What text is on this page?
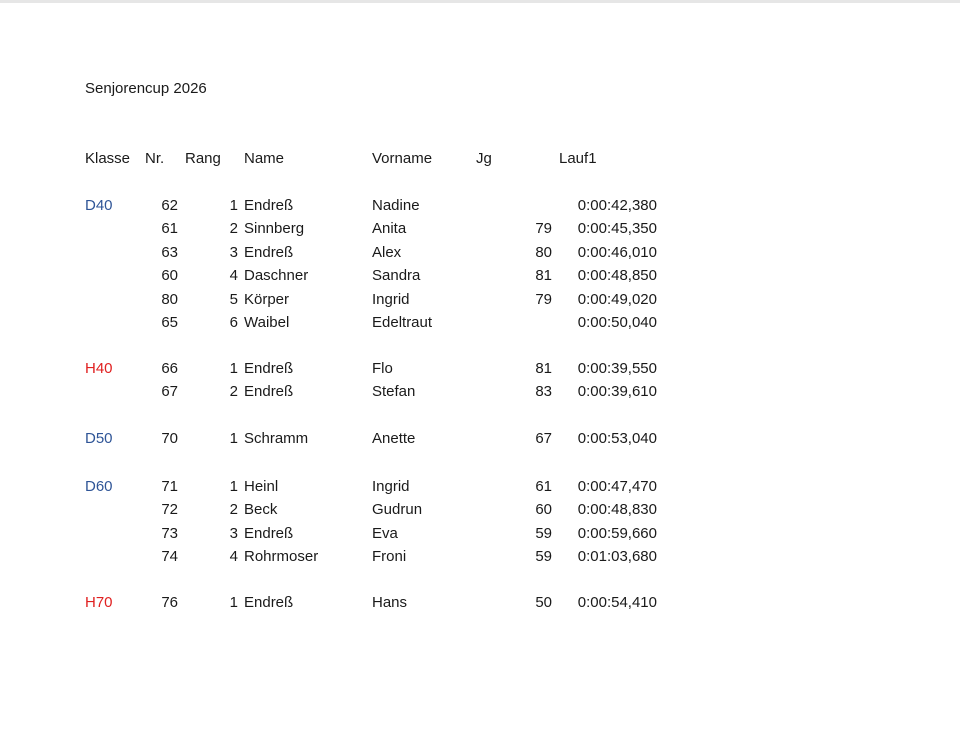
Senjorencup 2026
Klasse Nr. Rang Name	Vorname	Jg	Lauf1
D40	62	1 Endreß	Nadine	0:00:42,380
61	2 Sinnberg	Anita	79 0:00:45,350
63	3 Endreß	Alex	80 0:00:46,010
60	4 Daschner	Sandra	81 0:00:48,850
80	5 Körper	Ingrid	79 0:00:49,020
65	6 Waibel	Edeltraut	0:00:50,040
H40	66	1 Endreß	Flo	81 0:00:39,550
67	2 Endreß	Stefan	83 0:00:39,610
D50	70	1 Schramm	Anette	67 0:00:53,040
D60	71	1 Heinl	Ingrid	61 0:00:47,470
72	2 Beck	Gudrun	60 0:00:48,830
73	3 Endreß	Eva	59 0:00:59,660
74	4 Rohrmoser	Froni	59 0:01:03,680
H70	76	1 Endreß	Hans	50 0:00:54,410
